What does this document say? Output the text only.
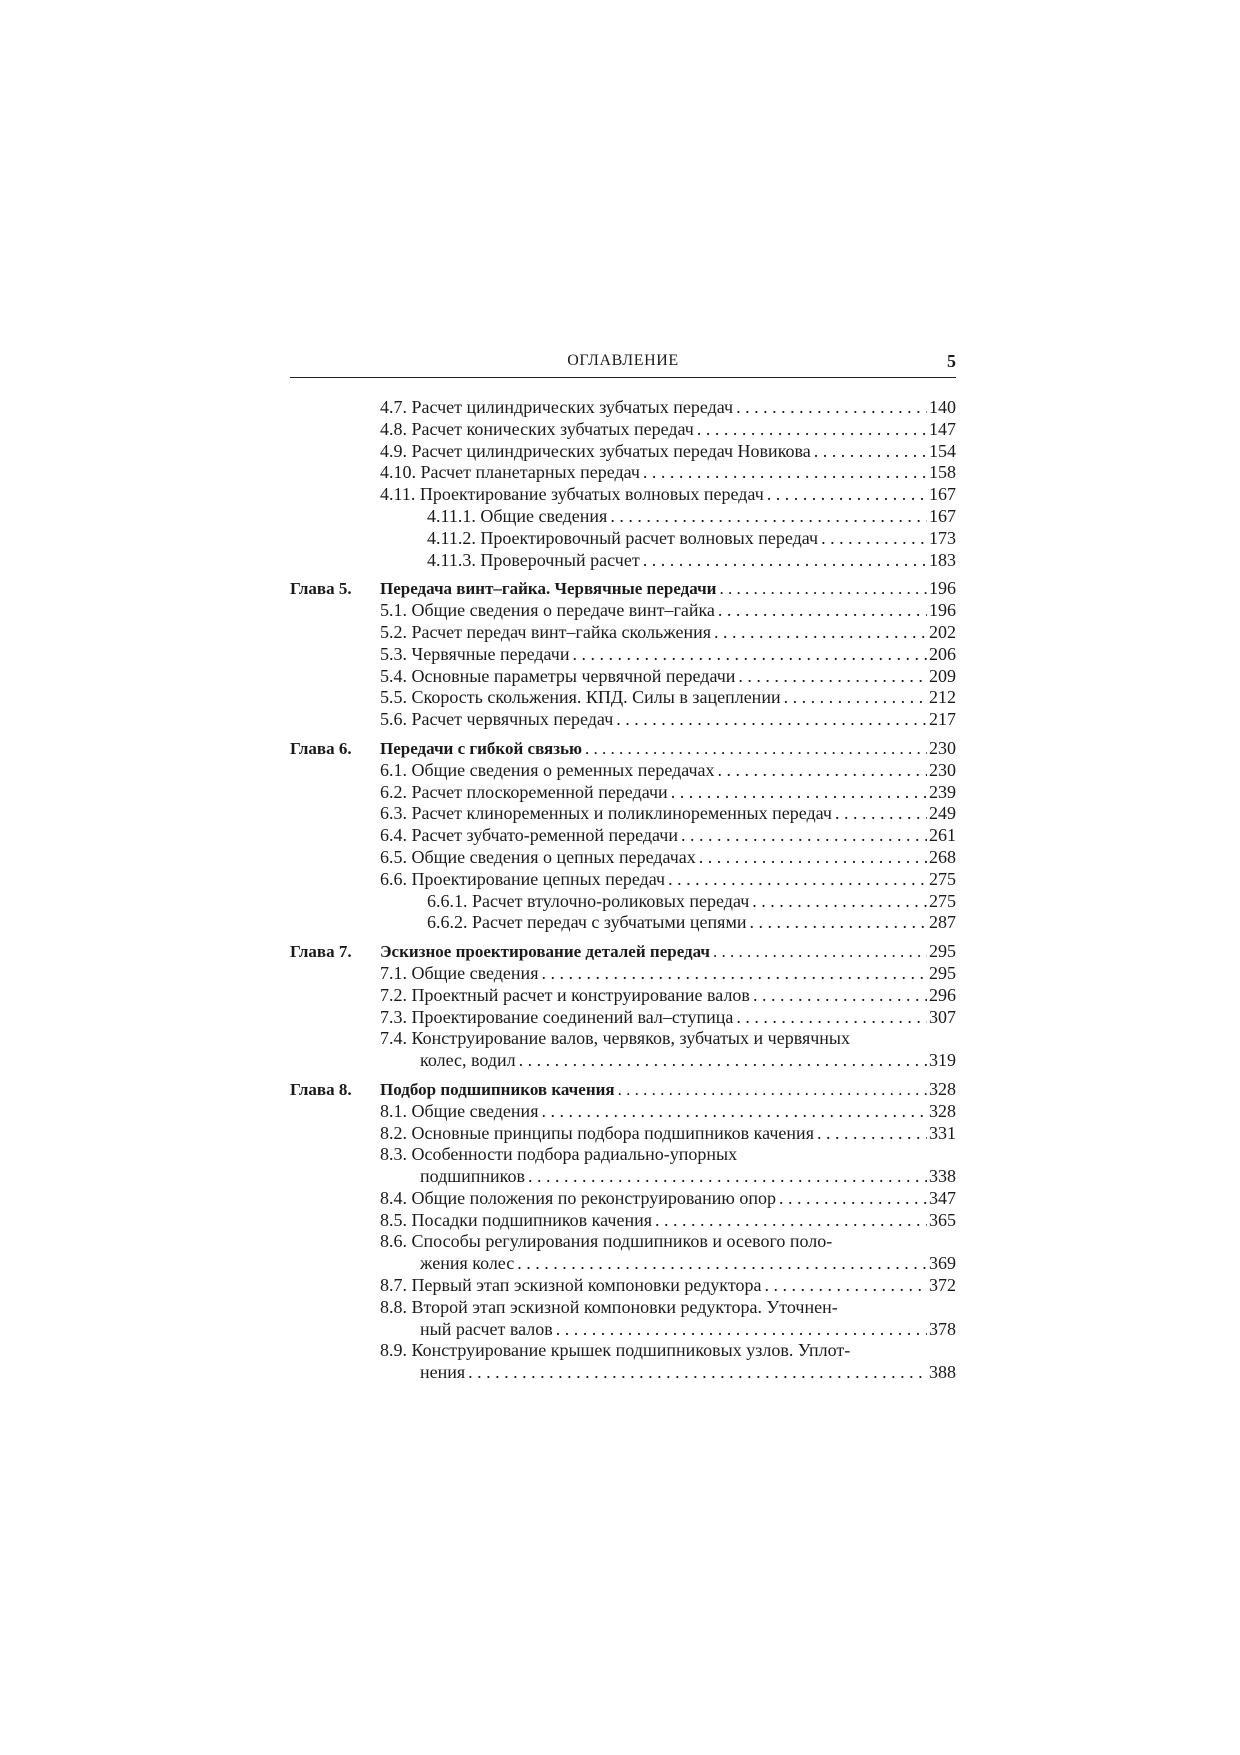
ОГЛАВЛЕНИЕ	5
4.7. Расчет цилиндрических зубчатых передач . . .	140
4.8. Расчет конических зубчатых передач . . .	147
4.9. Расчет цилиндрических зубчатых передач Новикова . . .	154
4.10. Расчет планетарных передач . . .	158
4.11. Проектирование зубчатых волновых передач . . .	167
4.11.1. Общие сведения . . .	167
4.11.2. Проектировочный расчет волновых передач . . .	173
4.11.3. Проверочный расчет . . .	183
Глава 5.	Передача винт–гайка. Червячные передачи . . .	196
5.1. Общие сведения о передаче винт–гайка . . .	196
5.2. Расчет передач винт–гайка скольжения . . .	202
5.3. Червячные передачи . . .	206
5.4. Основные параметры червячной передачи . . .	209
5.5. Скорость скольжения. КПД. Силы в зацеплении . . .	212
5.6. Расчет червячных передач . . .	217
Глава 6.	Передачи с гибкой связью . . .	230
6.1. Общие сведения о ременных передачах . . .	230
6.2. Расчет плоскоременной передачи . . .	239
6.3. Расчет клиноременных и поликлиноременных передач . . .	249
6.4. Расчет зубчато-ременной передачи . . .	261
6.5. Общие сведения о цепных передачах . . .	268
6.6. Проектирование цепных передач . . .	275
6.6.1. Расчет втулочно-роликовых передач . . .	275
6.6.2. Расчет передач с зубчатыми цепями . . .	287
Глава 7.	Эскизное проектирование деталей передач . . .	295
7.1. Общие сведения . . .	295
7.2. Проектный расчет и конструирование валов . . .	296
7.3. Проектирование соединений вал–ступица . . .	307
7.4. Конструирование валов, червяков, зубчатых и червячных
колес, водил . . .	319
Глава 8.	Подбор подшипников качения . . .	328
8.1. Общие сведения . . .	328
8.2. Основные принципы подбора подшипников качения . . .	331
8.3. Особенности подбора радиально-упорных
подшипников . . .	338
8.4. Общие положения по реконструированию опор . . .	347
8.5. Посадки подшипников качения . . .	365
8.6. Способы регулирования подшипников и осевого поло-
жения колес . . .	369
8.7. Первый этап эскизной компоновки редуктора . . .	372
8.8. Второй этап эскизной компоновки редуктора. Уточнен-
ный расчет валов . . .	378
8.9. Конструирование крышек подшипниковых узлов. Уплот-
нения . . .	388
